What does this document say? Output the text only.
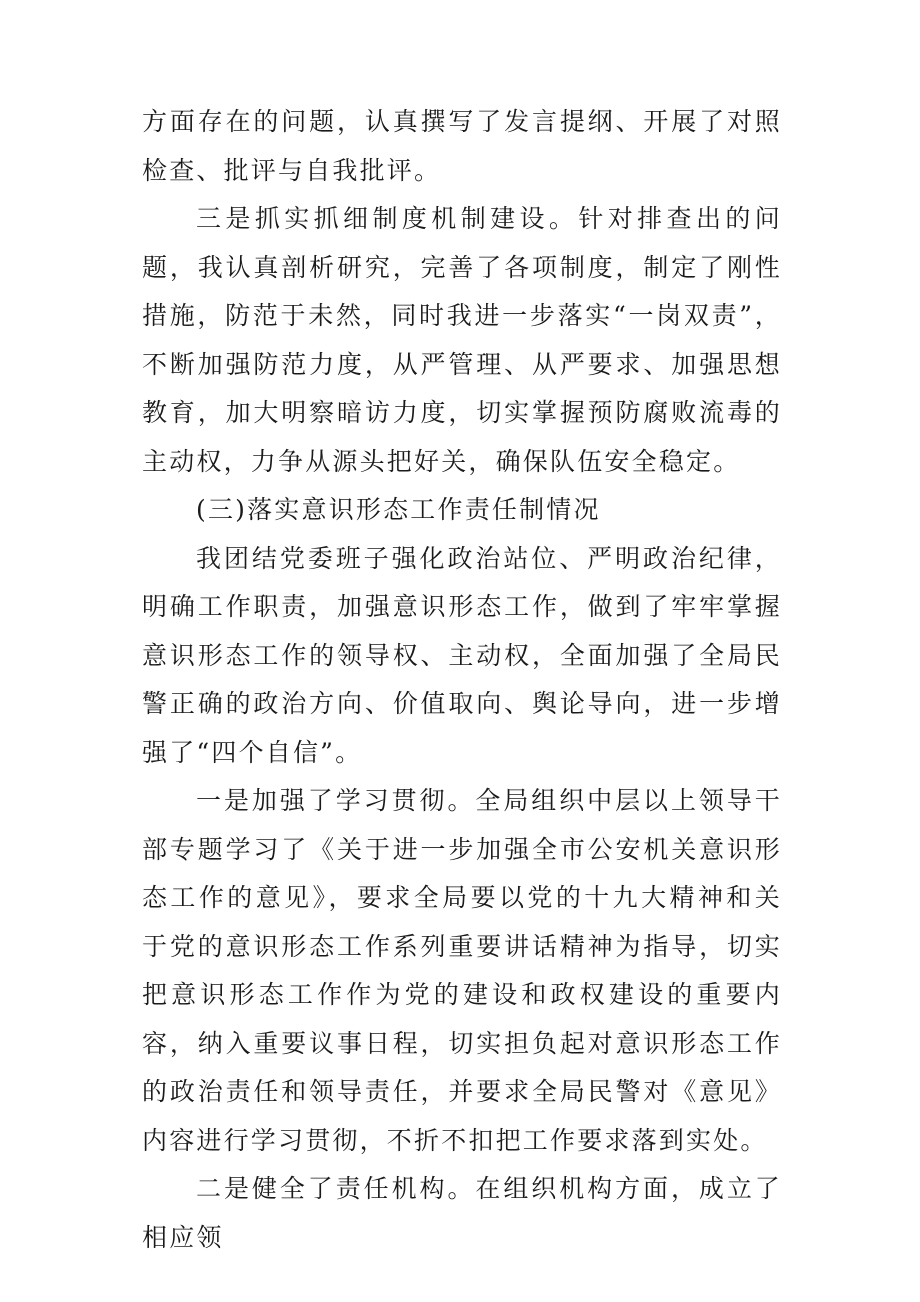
方面存在的问题，认真撰写了发言提纲、开展了对照检查、批评与自我批评。

三是抓实抓细制度机制建设。针对排查出的问题，我认真剖析研究，完善了各项制度，制定了刚性措施，防范于未然，同时我进一步落实“一岗双责”，不断加强防范力度，从严管理、从严要求、加强思想教育，加大明察暗访力度，切实掌握预防腐败流毒的主动权，力争从源头把好关，确保队伍安全稳定。

(三)落实意识形态工作责任制情况

我团结党委班子强化政治站位、严明政治纪律，明确工作职责，加强意识形态工作，做到了牢牢掌握意识形态工作的领导权、主动权，全面加强了全局民警正确的政治方向、价值取向、舆论导向，进一步增强了“四个自信”。

一是加强了学习贯彻。全局组织中层以上领导干部专题学习了《关于进一步加强全市公安机关意识形态工作的意见》，要求全局要以党的十九大精神和关于党的意识形态工作系列重要讲话精神为指导，切实把意识形态工作作为党的建设和政权建设的重要内容，纳入重要议事日程，切实担负起对意识形态工作的政治责任和领导责任，并要求全局民警对《意见》内容进行学习贯彻，不折不扣把工作要求落到实处。

二是健全了责任机构。在组织机构方面，成立了相应领
